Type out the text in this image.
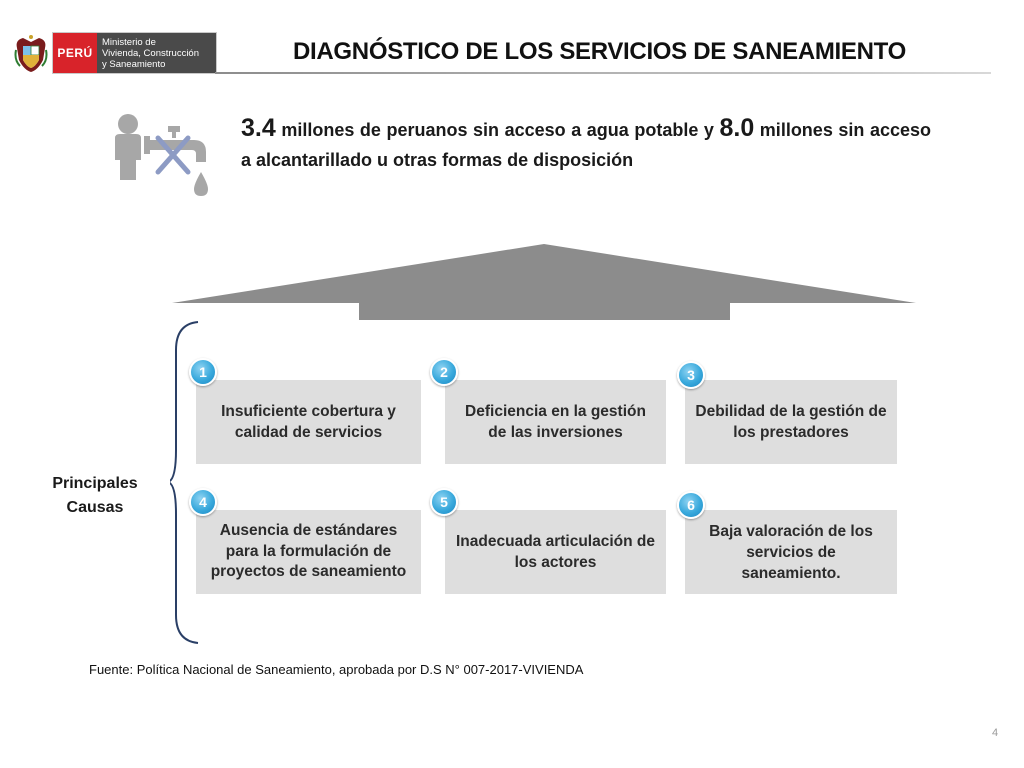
PERÚ
Ministerio de
Vivienda, Construcción
y Saneamiento	DIAGNÓSTICO DE LOS SERVICIOS DE SANEAMIENTO

3.4 millones de peruanos sin acceso a agua potable y 8.0 millones sin acceso a alcantarillado u otras formas de disposición

Principales Causas
Insuficiente cobertura y calidad de servicios
1
Deficiencia en la gestión de las inversiones
2
Debilidad de la gestión de los prestadores
3
Ausencia de estándares para la formulación de proyectos de saneamiento
4
Inadecuada articulación de los actores
5
Baja valoración de los servicios de saneamiento.
6
Fuente: Política Nacional de Saneamiento, aprobada por D.S N° 007-2017-VIVIENDA
4
